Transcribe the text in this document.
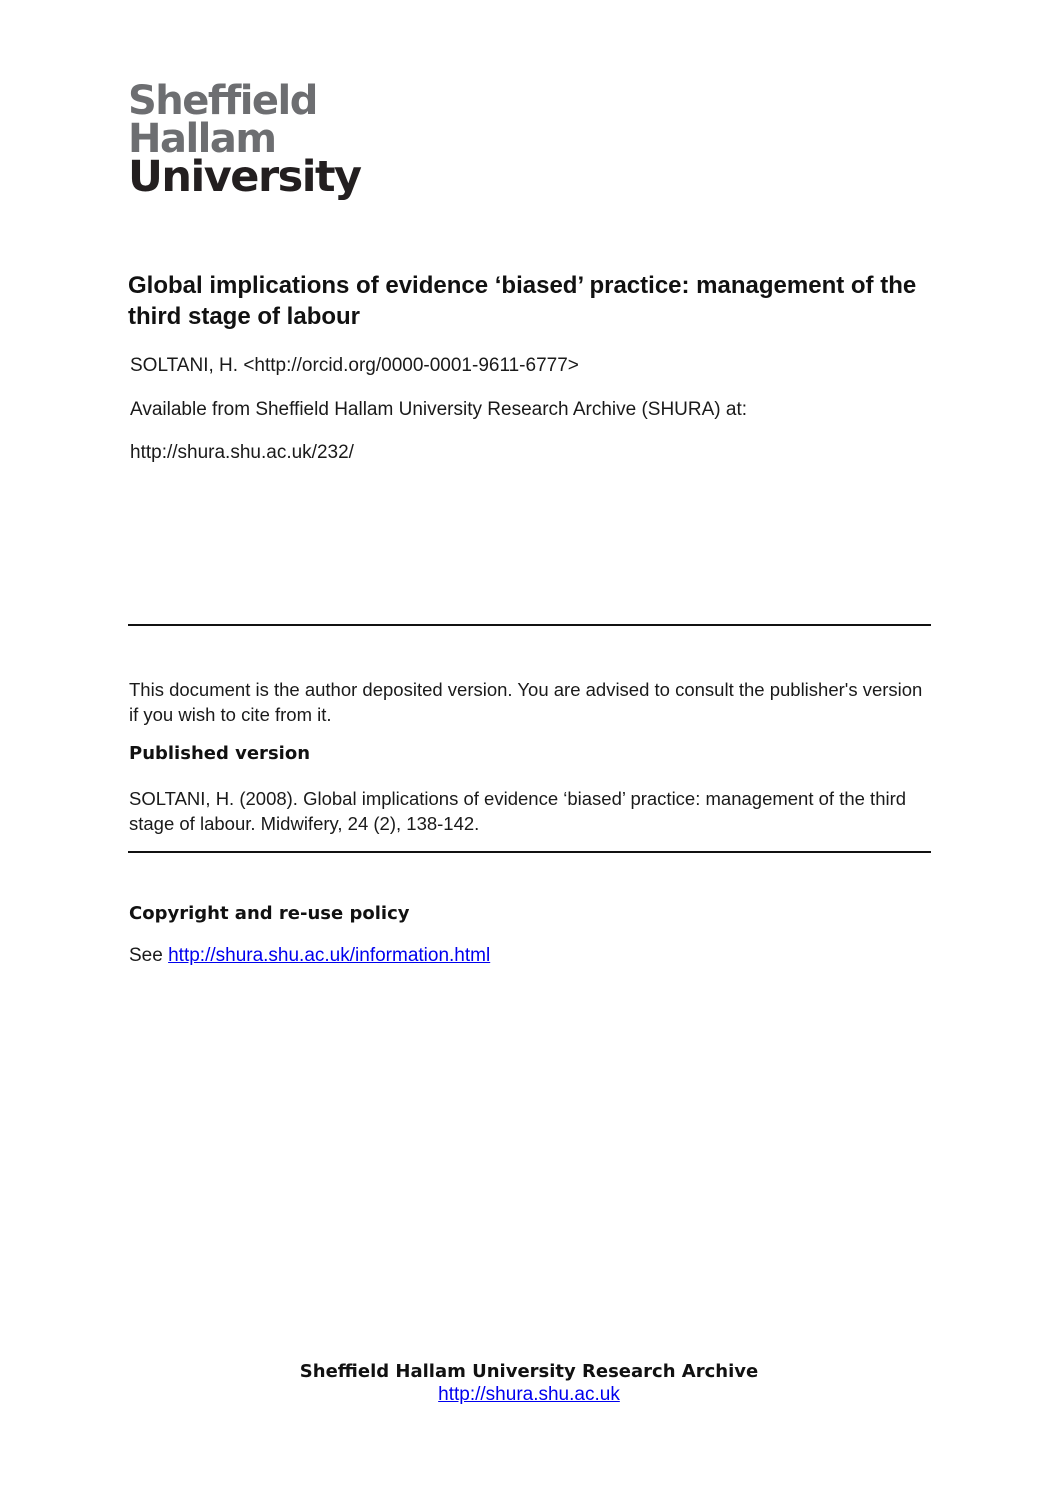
Sheffield
Hallam
University
Global implications of evidence ‘biased’ practice: management of the third stage of labour
SOLTANI, H. <http://orcid.org/0000-0001-9611-6777>
Available from Sheffield Hallam University Research Archive (SHURA) at:
http://shura.shu.ac.uk/232/

This document is the author deposited version. You are advised to consult the publisher's version if you wish to cite from it.

Published version

SOLTANI, H. (2008). Global implications of evidence ‘biased’ practice: management of the third stage of labour. Midwifery, 24 (2), 138-142.

Copyright and re-use policy
See http://shura.shu.ac.uk/information.html
Sheffield Hallam University Research Archive
http://shura.shu.ac.uk
